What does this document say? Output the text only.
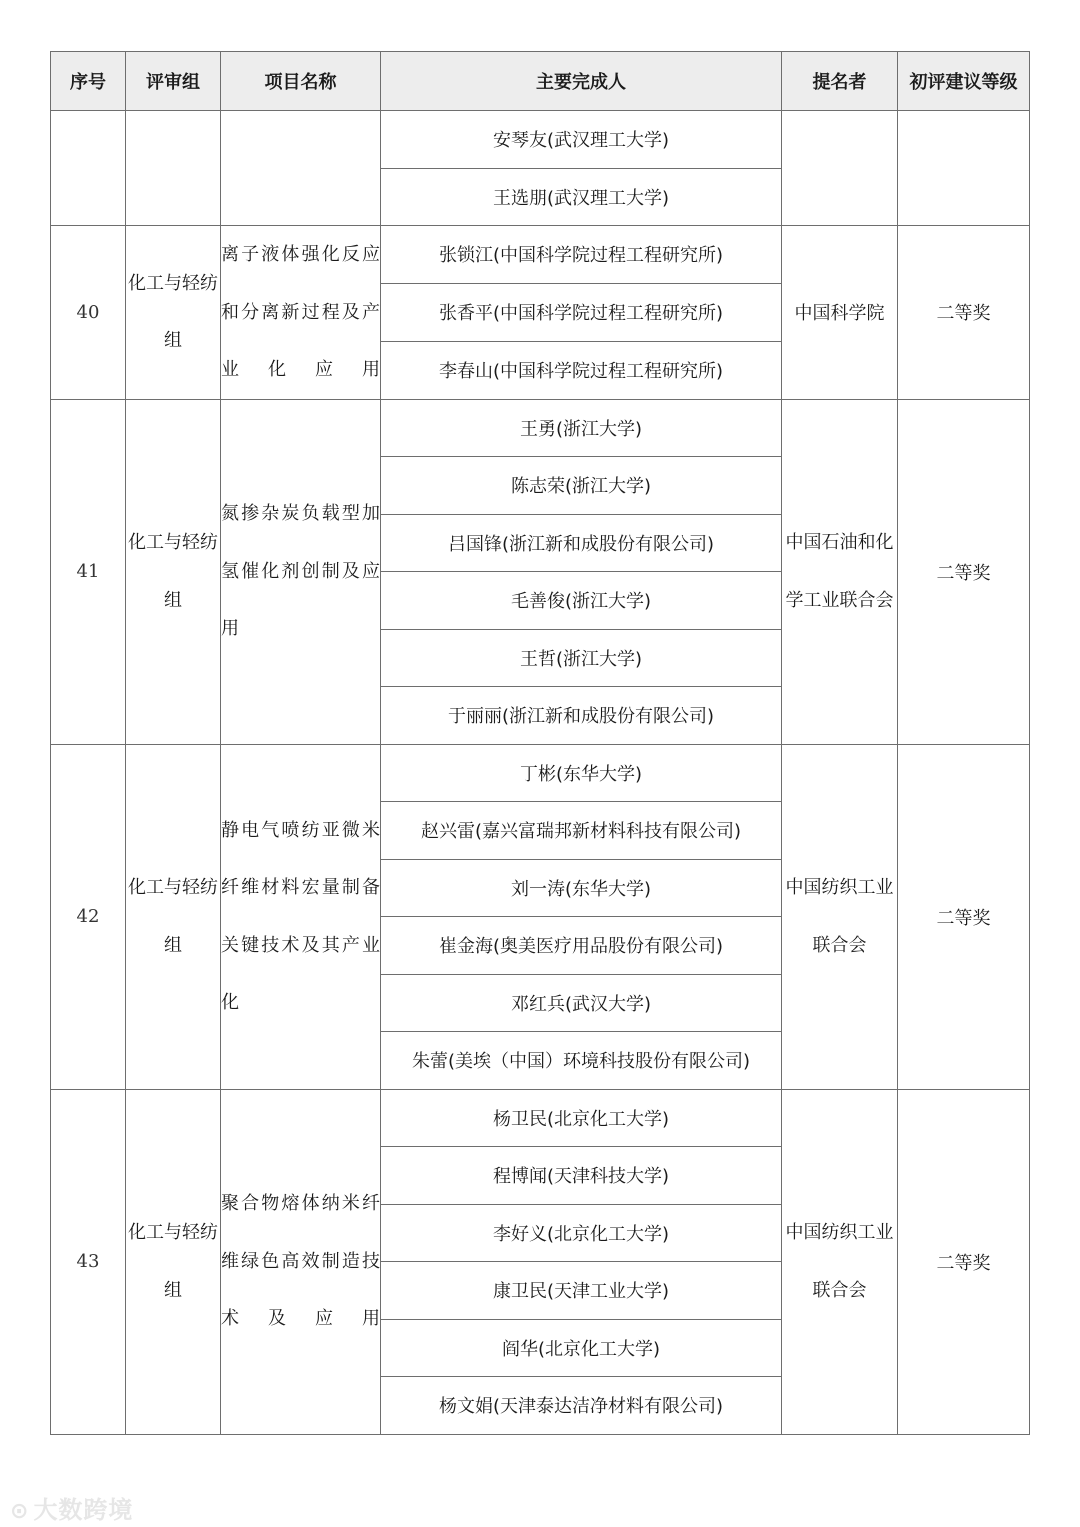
序号	评审组	项目名称	主要完成人	提名者	初评建议等级
			安琴友(武汉理工大学)		
			王选朋(武汉理工大学)		
40	化工与轻纺组	离子液体强化反应和分离新过程及产业化应用	张锁江(中国科学院过程工程研究所)	中国科学院	二等奖
			张香平(中国科学院过程工程研究所)		
			李春山(中国科学院过程工程研究所)		
41	化工与轻纺组	氮掺杂炭负载型加氢催化剂创制及应用	王勇(浙江大学)	中国石油和化学工业联合会	二等奖
			陈志荣(浙江大学)		
			吕国锋(浙江新和成股份有限公司)		
			毛善俊(浙江大学)		
			王哲(浙江大学)		
			于丽丽(浙江新和成股份有限公司)		
42	化工与轻纺组	静电气喷纺亚微米纤维材料宏量制备关键技术及其产业化	丁彬(东华大学)	中国纺织工业联合会	二等奖
			赵兴雷(嘉兴富瑞邦新材料科技有限公司)		
			刘一涛(东华大学)		
			崔金海(奥美医疗用品股份有限公司)		
			邓红兵(武汉大学)		
			朱蕾(美埃（中国）环境科技股份有限公司)		
43	化工与轻纺组	聚合物熔体纳米纤维绿色高效制造技术及应用	杨卫民(北京化工大学)	中国纺织工业联合会	二等奖
			程博闻(天津科技大学)		
			李好义(北京化工大学)		
			康卫民(天津工业大学)		
			阎华(北京化工大学)		
			杨文娟(天津泰达洁净材料有限公司)		
⊙ 大数跨境
